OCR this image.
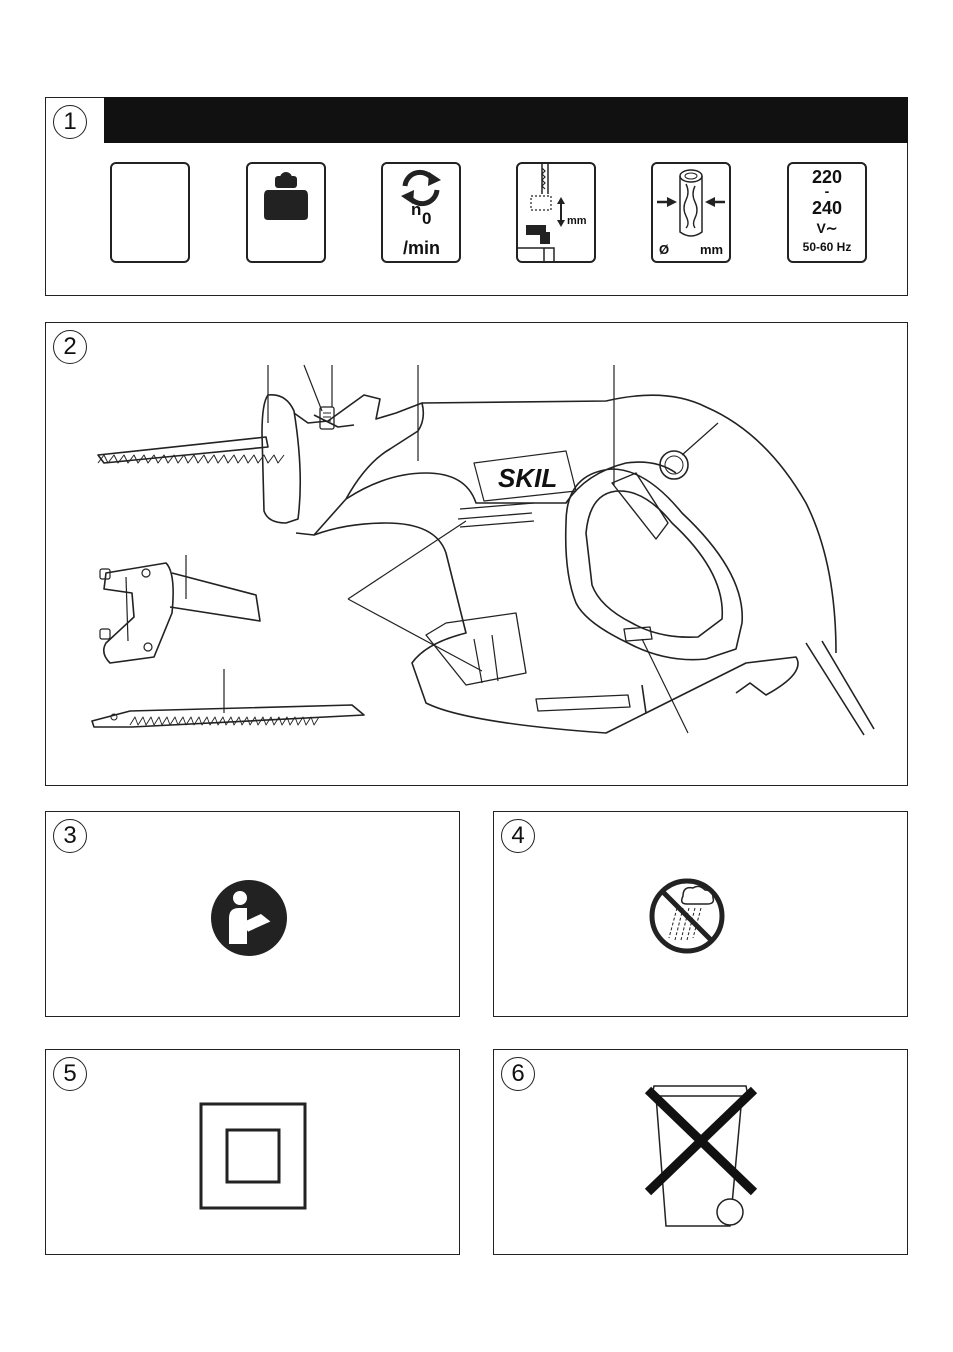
1
n 0
/min
mm
Ø mm
220
-
240
V∼
50-60 Hz
2
SKIL
3	4
5	6
